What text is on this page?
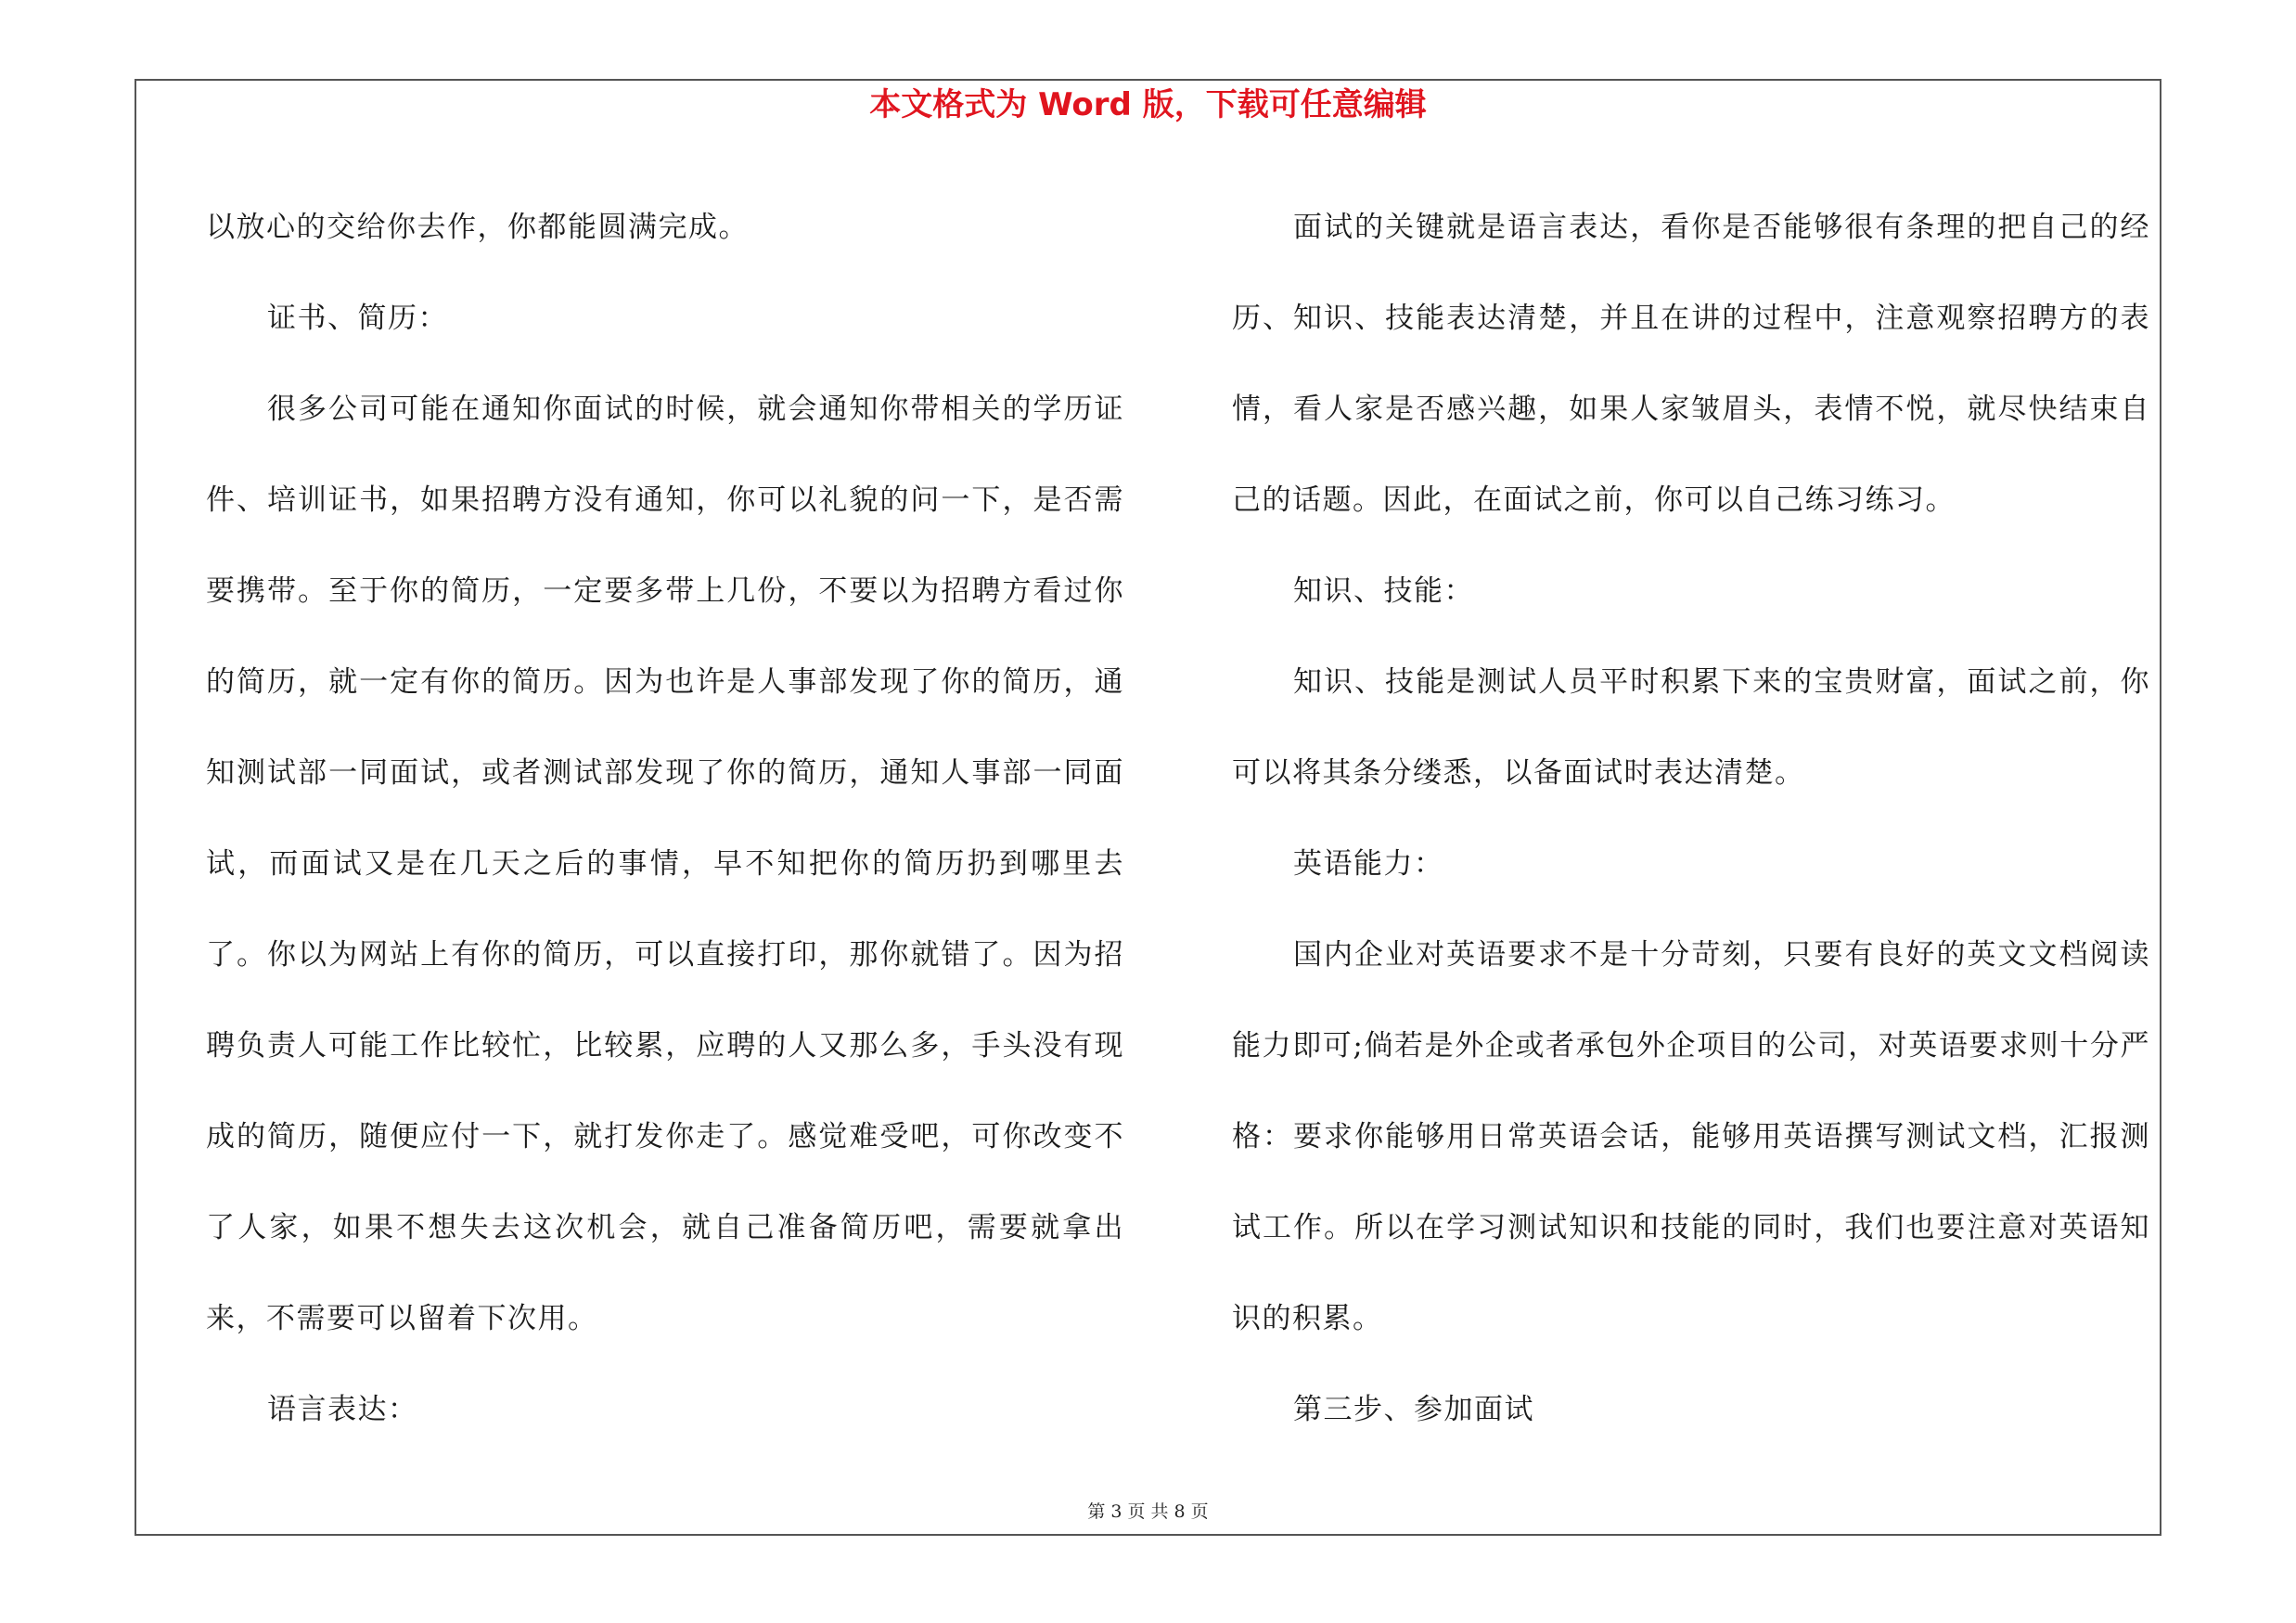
本文格式为 Word 版，下载可任意编辑

以放心的交给你去作，你都能圆满完成。

证书、简历：

很多公司可能在通知你面试的时候，就会通知你带相关的学历证件、培训证书，如果招聘方没有通知，你可以礼貌的问一下，是否需要携带。至于你的简历，一定要多带上几份，不要以为招聘方看过你的简历，就一定有你的简历。因为也许是人事部发现了你的简历，通知测试部一同面试，或者测试部发现了你的简历，通知人事部一同面试，而面试又是在几天之后的事情，早不知把你的简历扔到哪里去了。你以为网站上有你的简历，可以直接打印，那你就错了。因为招聘负责人可能工作比较忙，比较累，应聘的人又那么多，手头没有现成的简历，随便应付一下，就打发你走了。感觉难受吧，可你改变不了人家，如果不想失去这次机会，就自己准备简历吧，需要就拿出来，不需要可以留着下次用。

语言表达：

面试的关键就是语言表达，看你是否能够很有条理的把自己的经历、知识、技能表达清楚，并且在讲的过程中，注意观察招聘方的表情，看人家是否感兴趣，如果人家皱眉头，表情不悦，就尽快结束自己的话题。因此，在面试之前，你可以自己练习练习。

知识、技能：

知识、技能是测试人员平时积累下来的宝贵财富，面试之前，你可以将其条分缕悉，以备面试时表达清楚。

英语能力：

国内企业对英语要求不是十分苛刻，只要有良好的英文文档阅读能力即可;倘若是外企或者承包外企项目的公司，对英语要求则十分严格：要求你能够用日常英语会话，能够用英语撰写测试文档，汇报测试工作。所以在学习测试知识和技能的同时，我们也要注意对英语知识的积累。

第三步、参加面试

第 3 页 共 8 页
